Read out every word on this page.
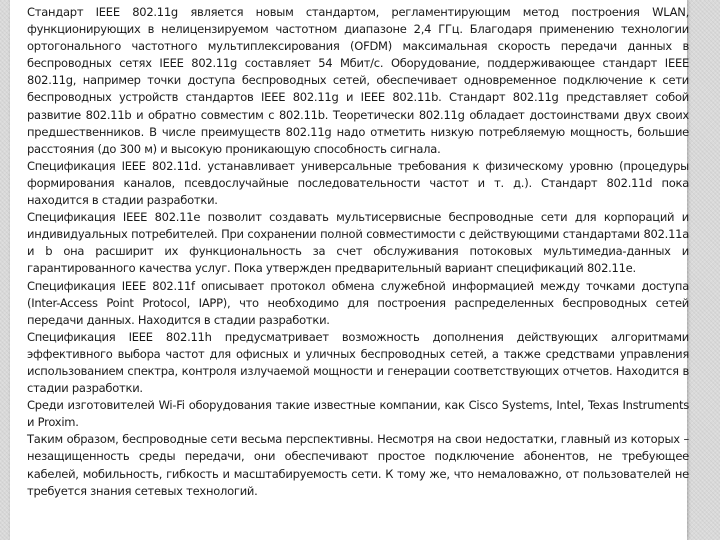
Стандарт IEEE 802.11g является новым стандартом, регламентирующим метод построения WLAN, функционирующих в нелицензируемом частотном диапазоне 2,4 ГГц. Благодаря применению технологии ортогонального частотного мультиплексирования (OFDM) максимальная скорость передачи данных в беспроводных сетях IEEE 802.11g составляет 54 Мбит/с. Оборудование, поддерживающее стандарт IEEE 802.11g, например точки доступа беспроводных сетей, обеспечивает одновременное подключение к сети беспроводных устройств стандартов IEEE 802.11g и IEEE 802.11b. Стандарт 802.11g представляет собой развитие 802.11b и обратно совместим с 802.11b. Теоретически 802.11g обладает достоинствами двух своих предшественников. В числе преимуществ 802.11g надо отметить низкую потребляемую мощность, большие расстояния (до 300 м) и высокую проникающую способность сигнала.

Спецификация IEEE 802.11d. устанавливает универсальные требования к физическому уровню (процедуры формирования каналов, псевдослучайные последовательности частот и т. д.). Стандарт 802.11d пока находится в стадии разработки.

Спецификация IEEE 802.11e позволит создавать мультисервисные беспроводные сети для корпораций и индивидуальных потребителей. При сохранении полной совместимости с действующими стандартами 802.11a и b она расширит их функциональность за счет обслуживания потоковых мультимедиа-данных и гарантированного качества услуг. Пока утвержден предварительный вариант спецификаций 802.11e.

Спецификация IEEE 802.11f описывает протокол обмена служебной информацией между точками доступа (Inter-Access Point Protocol, IAPP), что необходимо для построения распределенных беспроводных сетей передачи данных. Находится в стадии разработки.

Спецификация IEEE 802.11h предусматривает возможность дополнения действующих алгоритмами эффективного выбора частот для офисных и уличных беспроводных сетей, а также средствами управления использованием спектра, контроля излучаемой мощности и генерации соответствующих отчетов. Находится в стадии разработки.

Среди изготовителей Wi-Fi оборудования такие известные компании, как Cisco Systems, Intel, Texas Instruments и Proxim.

Таким образом, беспроводные сети весьма перспективны. Несмотря на свои недостатки, главный из которых – незащищенность среды передачи, они обеспечивают простое подключение абонентов, не требующее кабелей, мобильность, гибкость и масштабируемость сети. К тому же, что немаловажно, от пользователей не требуется знания сетевых технологий.
